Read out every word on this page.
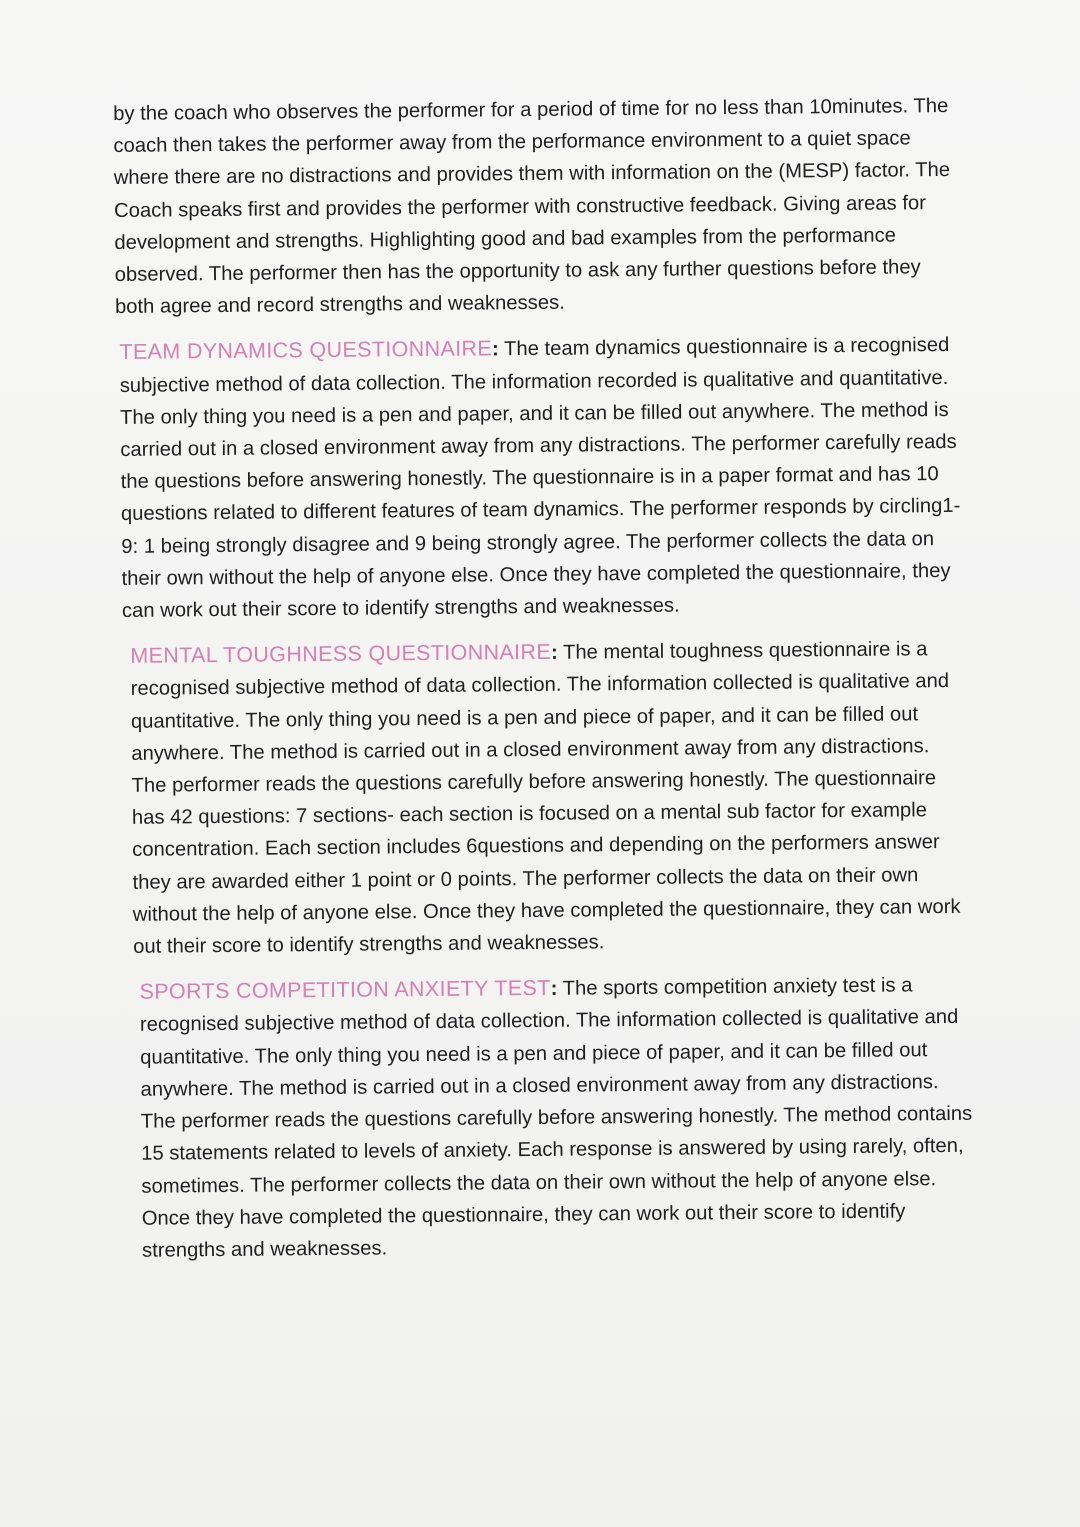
by the coach who observes the performer for a period of time for no less than 10minutes. The coach then takes the performer away from the performance environment to a quiet space where there are no distractions and provides them with information on the (MESP) factor. The Coach speaks first and provides the performer with constructive feedback. Giving areas for development and strengths. Highlighting good and bad examples from the performance observed. The performer then has the opportunity to ask any further questions before they both agree and record strengths and weaknesses.

TEAM DYNAMICS QUESTIONNAIRE: The team dynamics questionnaire is a recognised subjective method of data collection. The information recorded is qualitative and quantitative. The only thing you need is a pen and paper, and it can be filled out anywhere. The method is carried out in a closed environment away from any distractions. The performer carefully reads the questions before answering honestly. The questionnaire is in a paper format and has 10 questions related to different features of team dynamics. The performer responds by circling1-9: 1 being strongly disagree and 9 being strongly agree. The performer collects the data on their own without the help of anyone else. Once they have completed the questionnaire, they can work out their score to identify strengths and weaknesses.

MENTAL TOUGHNESS QUESTIONNAIRE: The mental toughness questionnaire is a recognised subjective method of data collection. The information collected is qualitative and quantitative. The only thing you need is a pen and piece of paper, and it can be filled out anywhere. The method is carried out in a closed environment away from any distractions. The performer reads the questions carefully before answering honestly. The questionnaire has 42 questions: 7 sections- each section is focused on a mental sub factor for example concentration. Each section includes 6questions and depending on the performers answer they are awarded either 1 point or 0 points. The performer collects the data on their own without the help of anyone else. Once they have completed the questionnaire, they can work out their score to identify strengths and weaknesses.

SPORTS COMPETITION ANXIETY TEST: The sports competition anxiety test is a recognised subjective method of data collection. The information collected is qualitative and quantitative. The only thing you need is a pen and piece of paper, and it can be filled out anywhere. The method is carried out in a closed environment away from any distractions. The performer reads the questions carefully before answering honestly. The method contains 15 statements related to levels of anxiety. Each response is answered by using rarely, often, sometimes. The performer collects the data on their own without the help of anyone else. Once they have completed the questionnaire, they can work out their score to identify strengths and weaknesses.
